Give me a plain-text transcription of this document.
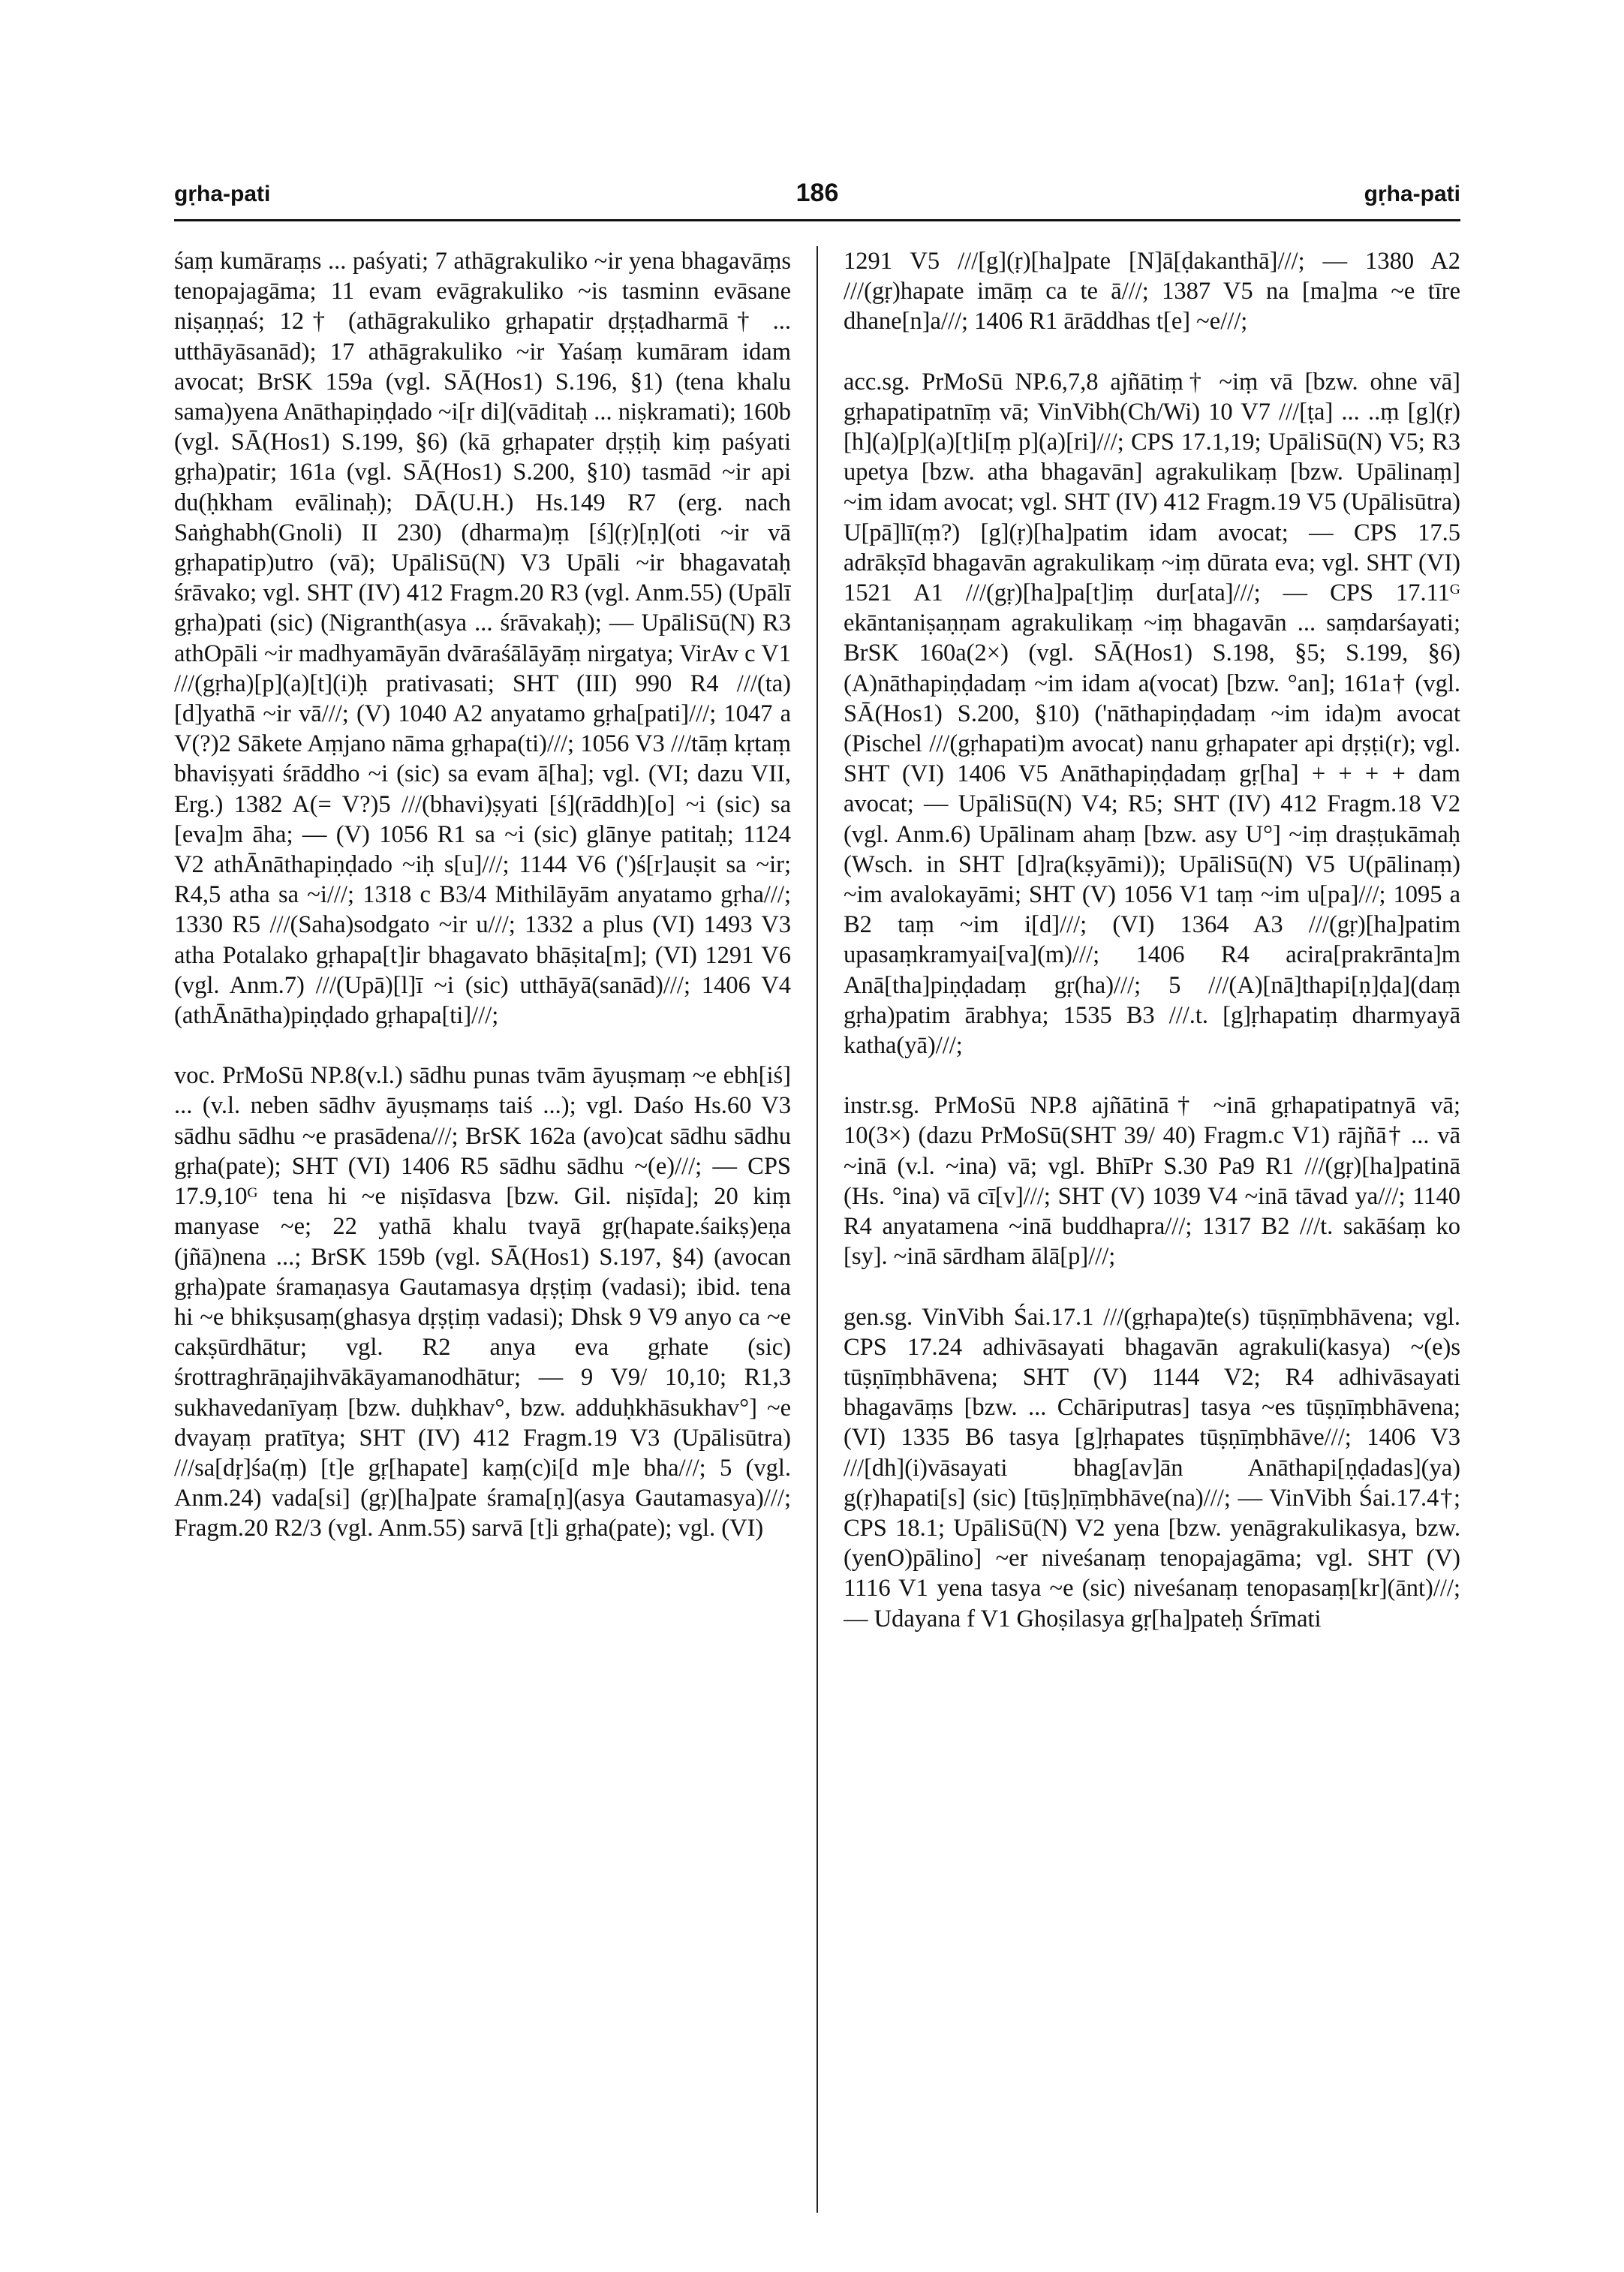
gṛha-pati	186	gṛha-pati

śaṃ kumāraṃs ... paśyati; 7 athāgrakuliko ~ir yena bhagavāṃs tenopajagāma; 11 evam evāgrakuliko ~is tasminn evāsane niṣaṇṇaś; 12† (athāgrakuliko gṛhapatir dṛṣṭadharmā† ... utthāyāsanād); 17 athāgrakuliko ~ir Yaśaṃ kumāram idam avocat; BrSK 159a (vgl. SĀ(Hos1) S.196, §1) (tena khalu sama)yena Anāthapiṇḍado ~i[r di](vāditaḥ ... niṣkramati); 160b (vgl. SĀ(Hos1) S.199, §6) (kā gṛhapater dṛṣṭiḥ kiṃ paśyati gṛha)patir; 161a (vgl. SĀ(Hos1) S.200, §10) tasmād ~ir api du(ḥkham evālinaḥ); DĀ(U.H.) Hs.149 R7 (erg. nach Saṅghabh(Gnoli) II 230) (dharma)ṃ [ś](ṛ)[ṇ](oti ~ir vā gṛhapatip)utro (vā); UpāliSū(N) V3 Upāli ~ir bhagavataḥ śrāvako; vgl. SHT (IV) 412 Fragm.20 R3 (vgl. Anm.55) (Upālī gṛha)pati (sic) (Nigranth(asya ... śrāvakaḥ); — UpāliSū(N) R3 athOpāli ~ir madhyamāyān dvāraśālāyāṃ nirgatya; VirAv c V1 ///(gṛha)[p](a)[t](i)ḥ prativasati; SHT (III) 990 R4 ///(ta)[d]yathā ~ir vā///; (V) 1040 A2 anyatamo gṛha[pati]///; 1047 a V(?)2 Sākete Aṃjano nāma gṛhapa(ti)///; 1056 V3 ///tāṃ kṛtaṃ bhaviṣyati śrāddho ~i (sic) sa evam ā[ha]; vgl. (VI; dazu VII, Erg.) 1382 A(= V?)5 ///(bhavi)ṣyati [ś](rāddh)[o] ~i (sic) sa [eva]m āha; — (V) 1056 R1 sa ~i (sic) glānye patitaḥ; 1124 V2 athĀnāthapiṇḍado ~iḥ s[u]///; 1144 V6 (')ś[r]auṣit sa ~ir; R4,5 atha sa ~i///; 1318 c B3/4 Mithilāyām anyatamo gṛha///; 1330 R5 ///(Saha)sodgato ~ir u///; 1332 a plus (VI) 1493 V3 atha Potalako gṛhapa[t]ir bhagavato bhāṣita[m]; (VI) 1291 V6 (vgl. Anm.7) ///(Upā)[l]ī ~i (sic) utthāyā(sanād)///; 1406 V4 (athĀnātha)piṇḍado gṛhapa[ti]///;

voc. PrMoSū NP.8(v.l.) sādhu punas tvām āyuṣmaṃ ~e ebh[iś] ... (v.l. neben sādhv āyuṣmaṃs taiś ...); vgl. Daśo Hs.60 V3 sādhu sādhu ~e prasādena///; BrSK 162a (avo)cat sādhu sādhu gṛha(pate); SHT (VI) 1406 R5 sādhu sādhu ~(e)///; — CPS 17.9,10ᴳ tena hi ~e niṣīdasva [bzw. Gil. niṣīda]; 20 kiṃ manyase ~e; 22 yathā khalu tvayā gṛ(hapate.śaikṣ)eṇa (jñā)nena ...; BrSK 159b (vgl. SĀ(Hos1) S.197, §4) (avocan gṛha)pate śramaṇasya Gautamasya dṛṣṭiṃ (vadasi); ibid. tena hi ~e bhikṣusaṃ(ghasya dṛṣṭiṃ vadasi); Dhsk 9 V9 anyo ca ~e cakṣūrdhātur; vgl. R2 anya eva gṛhate (sic) śrottraghrāṇajihvākāyamanodhātur; — 9 V9/ 10,10; R1,3 sukhavedanīyaṃ [bzw. duḥkhav°, bzw. adduḥkhāsukhav°] ~e dvayaṃ pratītya; SHT (IV) 412 Fragm.19 V3 (Upālisūtra) ///sa[dṛ]śa(ṃ) [t]e gṛ[hapate] kaṃ(c)i[d m]e bha///; 5 (vgl. Anm.24) vada[si] (gṛ)[ha]pate śrama[ṇ](asya Gautamasya)///; Fragm.20 R2/3 (vgl. Anm.55) sarvā [t]i gṛha(pate); vgl. (VI)

1291 V5 ///[g](ṛ)[ha]pate [N]ā[ḍakanthā]///; — 1380 A2 ///(gṛ)hapate imāṃ ca te ā///; 1387 V5 na [ma]ma ~e tīre dhane[n]a///; 1406 R1 ārāddhas t[e] ~e///;

acc.sg. PrMoSū NP.6,7,8 ajñātiṃ† ~iṃ vā [bzw. ohne vā] gṛhapatipatnīṃ vā; VinVibh(Ch/Wi) 10 V7 ///[ṭa] ... ..ṃ [g](ṛ)[h](a)[p](a)[t]i[ṃ p](a)[ri]///; CPS 17.1,19; UpāliSū(N) V5; R3 upetya [bzw. atha bhagavān] agrakulikaṃ [bzw. Upālinaṃ] ~im idam avocat; vgl. SHT (IV) 412 Fragm.19 V5 (Upālisūtra) U[pā]lī(ṃ?) [g](ṛ)[ha]patim idam avocat; — CPS 17.5 adrākṣīd bhagavān agrakulikaṃ ~iṃ dūrata eva; vgl. SHT (VI) 1521 A1 ///(gṛ)[ha]pa[t]iṃ dur[ata]///; — CPS 17.11ᴳ ekāntaniṣaṇṇam agrakulikaṃ ~iṃ bhagavān ... saṃdarśayati; BrSK 160a(2×) (vgl. SĀ(Hos1) S.198, §5; S.199, §6) (A)nāthapiṇḍadaṃ ~im idam a(vocat) [bzw. °an]; 161a† (vgl. SĀ(Hos1) S.200, §10) ('nāthapiṇḍadaṃ ~im ida)m avocat (Pischel ///(gṛhapati)m avocat) nanu gṛhapater api dṛṣṭi(r); vgl. SHT (VI) 1406 V5 Anāthapiṇḍadaṃ gṛ[ha] + + + + dam avocat; — UpāliSū(N) V4; R5; SHT (IV) 412 Fragm.18 V2 (vgl. Anm.6) Upālinam ahaṃ [bzw. asy U°] ~iṃ draṣṭukāmaḥ (Wsch. in SHT [d]ra(kṣyāmi)); UpāliSū(N) V5 U(pālinaṃ) ~im avalokayāmi; SHT (V) 1056 V1 taṃ ~im u[pa]///; 1095 a B2 taṃ ~im i[d]///; (VI) 1364 A3 ///(gṛ)[ha]patim upasaṃkramyai[va](m)///; 1406 R4 acira[prakrānta]m Anā[tha]piṇḍadaṃ gṛ(ha)///; 5 ///(A)[nā]thapi[ṇ]ḍa](daṃ gṛha)patim ārabhya; 1535 B3 ///.t. [g]ṛhapatiṃ dharmyayā katha(yā)///;

instr.sg. PrMoSū NP.8 ajñātinā† ~inā gṛhapatipatnyā vā; 10(3×) (dazu PrMoSū(SHT 39/ 40) Fragm.c V1) rājñā† ... vā ~inā (v.l. ~ina) vā; vgl. BhīPr S.30 Pa9 R1 ///(gṛ)[ha]patinā (Hs. °ina) vā cī[v]///; SHT (V) 1039 V4 ~inā tāvad ya///; 1140 R4 anyatamena ~inā buddhapra///; 1317 B2 ///t. sakāśaṃ ko [sy]. ~inā sārdham ālā[p]///;

gen.sg. VinVibh Śai.17.1 ///(gṛhapa)te(s) tūṣṇīṃbhāvena; vgl. CPS 17.24 adhivāsayati bhagavān agrakuli(kasya) ~(e)s tūṣṇīṃbhāvena; SHT (V) 1144 V2; R4 adhivāsayati bhagavāṃs [bzw. ... Cchāriputras] tasya ~es tūṣṇīṃbhāvena; (VI) 1335 B6 tasya [g]ṛhapates tūṣṇīṃbhāve///; 1406 V3 ///[dh](i)vāsayati bhag[av]ān Anāthapi[ṇḍadas](ya) g(ṛ)hapati[s] (sic) [tūṣ]ṇīṃbhāve(na)///; — VinVibh Śai.17.4†; CPS 18.1; UpāliSū(N) V2 yena [bzw. yenāgrakulikasya, bzw. (yenO)pālino] ~er niveśanaṃ tenopajagāma; vgl. SHT (V) 1116 V1 yena tasya ~e (sic) niveśanaṃ tenopasaṃ[kr](ānt)///; — Udayana f V1 Ghoṣilasya gṛ[ha]pateḥ Śrīmati
